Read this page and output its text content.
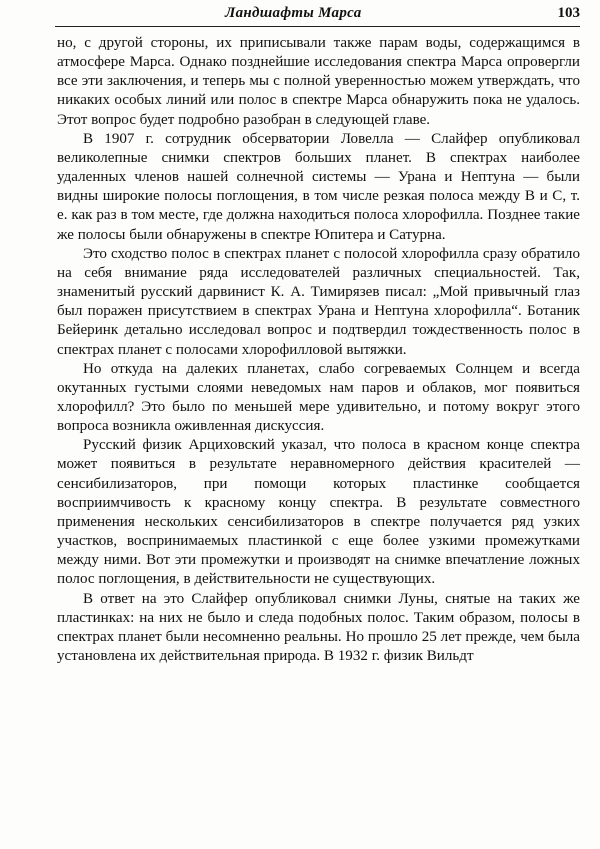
Ландшафты Марса	103

но, с другой стороны, их приписывали также парам воды, содержащимся в атмосфере Марса. Однако позднейшие исследования спектра Марса опровергли все эти заключения, и теперь мы с полной уверенностью можем утверждать, что никаких особых линий или полос в спектре Марса обнаружить пока не удалось. Этот вопрос будет подробно разобран в следующей главе.

В 1907 г. сотрудник обсерватории Ловелла — Слайфер опубликовал великолепные снимки спектров больших планет. В спектрах наиболее удаленных членов нашей солнечной системы — Урана и Нептуна — были видны широкие полосы поглощения, в том числе резкая полоса между B и C, т. е. как раз в том месте, где должна находиться полоса хлорофилла. Позднее такие же полосы были обнаружены в спектре Юпитера и Сатурна.

Это сходство полос в спектрах планет с полосой хлорофилла сразу обратило на себя внимание ряда исследователей различных специальностей. Так, знаменитый русский дарвинист К. А. Тимирязев писал: „Мой привычный глаз был поражен присутствием в спектрах Урана и Нептуна хлорофилла“. Ботаник Бейеринк детально исследовал вопрос и подтвердил тождественность полос в спектрах планет с полосами хлорофилловой вытяжки.

Но откуда на далеких планетах, слабо согреваемых Солнцем и всегда окутанных густыми слоями неведомых нам паров и облаков, мог появиться хлорофилл? Это было по меньшей мере удивительно, и потому вокруг этого вопроса возникла оживленная дискуссия.

Русский физик Арциховский указал, что полоса в красном конце спектра может появиться в результате неравномерного действия красителей — сенсибилизаторов, при помощи которых пластинке сообщается восприимчивость к красному концу спектра. В результате совместного применения нескольких сенсибилизаторов в спектре получается ряд узких участков, воспринимаемых пластинкой с еще более узкими промежутками между ними. Вот эти промежутки и производят на снимке впечатление ложных полос поглощения, в действительности не существующих.

В ответ на это Слайфер опубликовал снимки Луны, снятые на таких же пластинках: на них не было и следа подобных полос. Таким образом, полосы в спектрах планет были несомненно реальны. Но прошло 25 лет прежде, чем была установлена их действительная природа. В 1932 г. физик Вильдт
